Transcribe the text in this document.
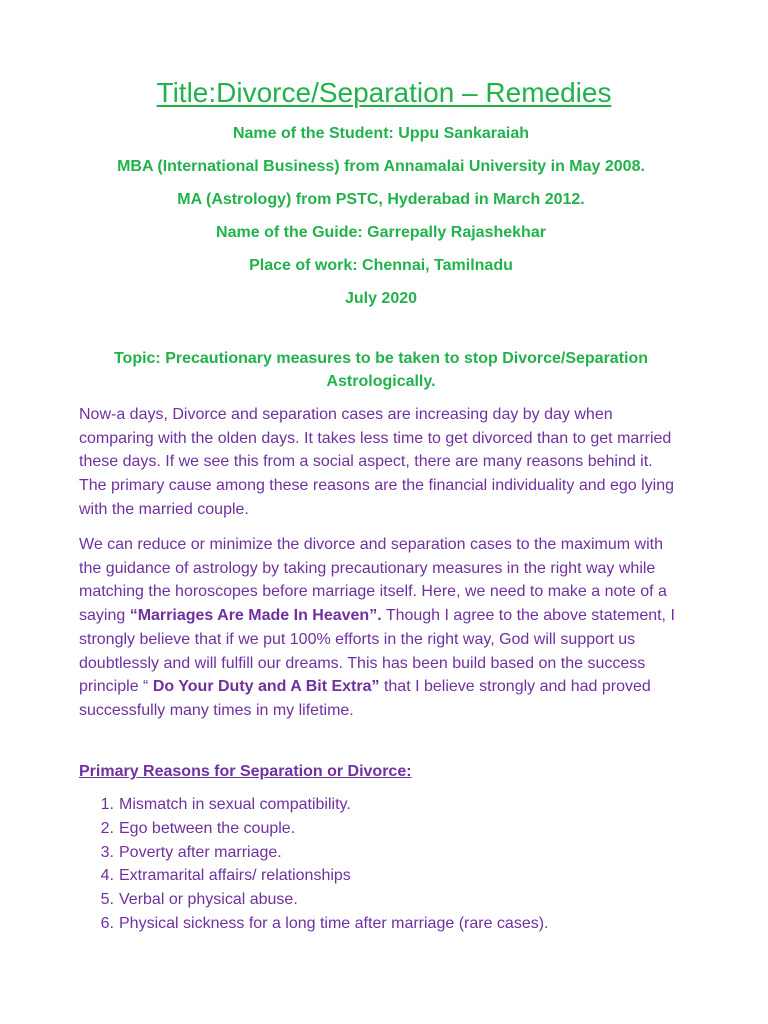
Title:Divorce/Separation – Remedies
Name of the Student: Uppu Sankaraiah
MBA (International Business) from Annamalai University in May 2008.
MA (Astrology) from PSTC, Hyderabad in March 2012.
Name of the Guide: Garrepally Rajashekhar
Place of work: Chennai, Tamilnadu
July 2020
Topic: Precautionary measures to be taken to stop Divorce/Separation Astrologically.

Now-a days, Divorce and separation cases are increasing day by day when comparing with the olden days. It takes less time to get divorced than to get married these days. If we see this from a social aspect, there are many reasons behind it. The primary cause among these reasons are the financial individuality and ego lying with the married couple.

We can reduce or minimize the divorce and separation cases to the maximum with the guidance of astrology by taking precautionary measures in the right way while matching the horoscopes before marriage itself. Here, we need to make a note of a saying “Marriages Are Made In Heaven”. Though I agree to the above statement, I strongly believe that if we put 100% efforts in the right way, God will support us doubtlessly and will fulfill our dreams. This has been build based on the success principle “ Do Your Duty and A Bit Extra” that I believe strongly and had proved successfully many times in my lifetime.

Primary Reasons for Separation or Divorce:
1. Mismatch in sexual compatibility.
2. Ego between the couple.
3. Poverty after marriage.
4. Extramarital affairs/ relationships
5. Verbal or physical abuse.
6. Physical sickness for a long time after marriage (rare cases).
